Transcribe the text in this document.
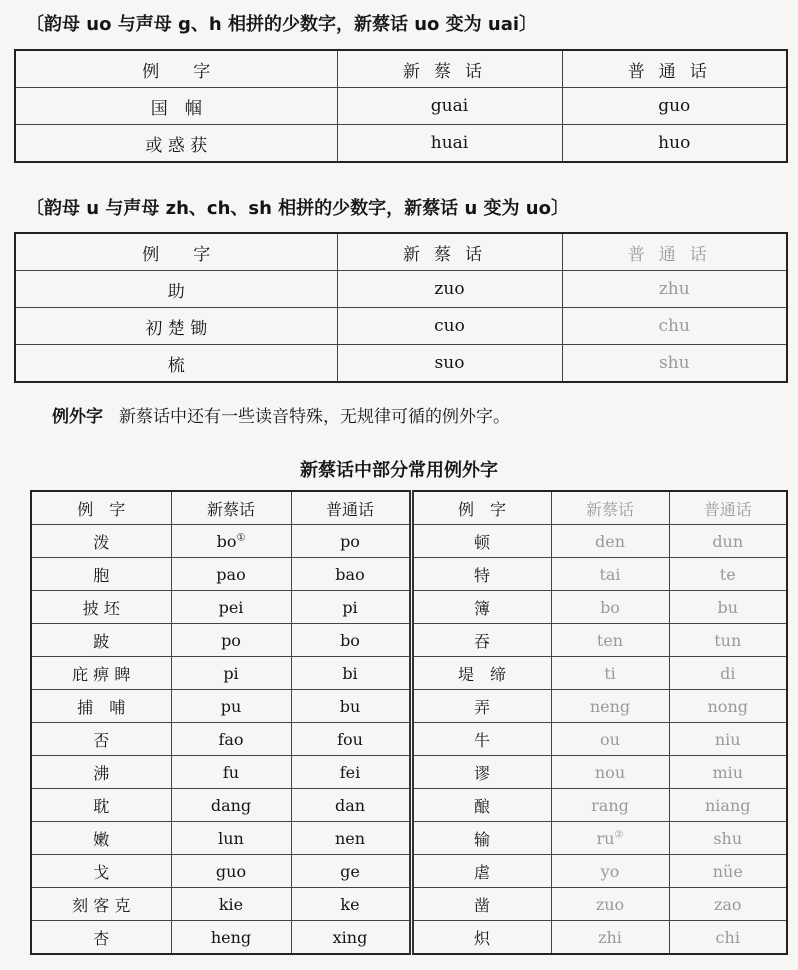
〔韵母 uo 与声母 g、h 相拼的少数字，新蔡话 uo 变为 uai〕
例　　字	新蔡话	普通话
国　帼	guai	guo
或 惑 获	huai	huo
〔韵母 u 与声母 zh、ch、sh 相拼的少数字，新蔡话 u 变为 uo〕
例　　字	新蔡话	普通话
助	zuo	zhu
初 楚 锄	cuo	chu
梳	suo	shu
例外字 新蔡话中还有一些读音特殊，无规律可循的例外字。
新蔡话中部分常用例外字
例　字	新蔡话	普通话	例　字	新蔡话	普通话
泼	bo①	po	顿	den	dun
胞	pao	bao	特	tai	te
披 坯	pei	pi	簿	bo	bu
跛	po	bo	吞	ten	tun
庇 痹 睥	pi	bi	堤　缔	ti	di
捕　哺	pu	bu	弄	neng	nong
否	fao	fou	牛	ou	niu
沸	fu	fei	谬	nou	miu
耽	dang	dan	酿	rang	niang
嫩	lun	nen	输	ru②	shu
戈	guo	ge	虐	yo	nüe
刻 客 克	kie	ke	凿	zuo	zao
杏	heng	xing	炽	zhi	chi
